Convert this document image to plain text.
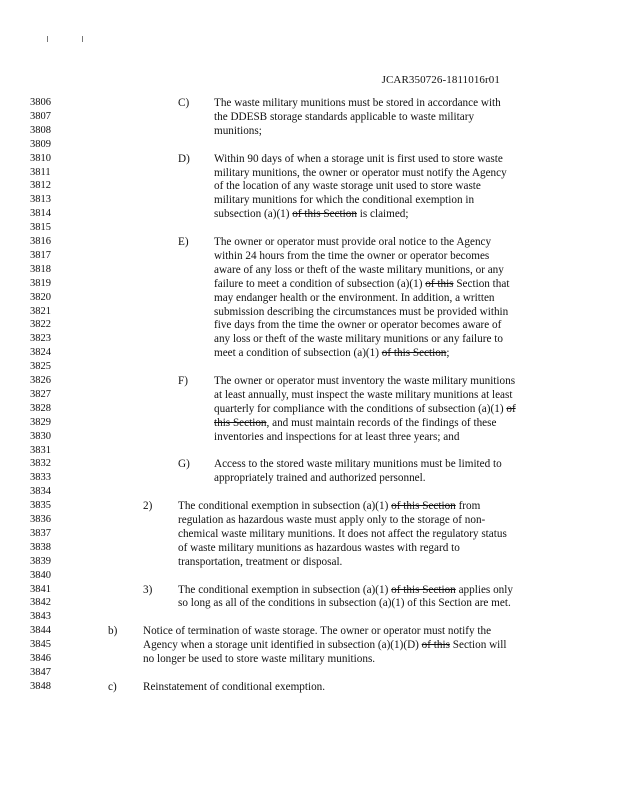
JCAR350726-1811016r01
3806	C) The waste military munitions must be stored in accordance with
3807	the DDESB storage standards applicable to waste military
3808	munitions;
3809
3810	D) Within 90 days of when a storage unit is first used to store waste
3811	military munitions, the owner or operator must notify the Agency
3812	of the location of any waste storage unit used to store waste
3813	military munitions for which the conditional exemption in
3814	subsection (a)(1) of this Section is claimed;
3815
3816	E) The owner or operator must provide oral notice to the Agency
3817	within 24 hours from the time the owner or operator becomes
3818	aware of any loss or theft of the waste military munitions, or any
3819	failure to meet a condition of subsection (a)(1) of this Section that
3820	may endanger health or the environment. In addition, a written
3821	submission describing the circumstances must be provided within
3822	five days from the time the owner or operator becomes aware of
3823	any loss or theft of the waste military munitions or any failure to
3824	meet a condition of subsection (a)(1) of this Section;
3825
3826	F) The owner or operator must inventory the waste military munitions
3827	at least annually, must inspect the waste military munitions at least
3828	quarterly for compliance with the conditions of subsection (a)(1) of
3829	this Section, and must maintain records of the findings of these
3830	inventories and inspections for at least three years; and
3831
3832	G) Access to the stored waste military munitions must be limited to
3833	appropriately trained and authorized personnel.
3834
3835	2) The conditional exemption in subsection (a)(1) of this Section from
3836	regulation as hazardous waste must apply only to the storage of non-
3837	chemical waste military munitions. It does not affect the regulatory status
3838	of waste military munitions as hazardous wastes with regard to
3839	transportation, treatment or disposal.
3840
3841	3) The conditional exemption in subsection (a)(1) of this Section applies only
3842	so long as all of the conditions in subsection (a)(1) of this Section are met.
3843
3844	b) Notice of termination of waste storage. The owner or operator must notify the
3845	Agency when a storage unit identified in subsection (a)(1)(D) of this Section will
3846	no longer be used to store waste military munitions.
3847
3848	c) Reinstatement of conditional exemption.
